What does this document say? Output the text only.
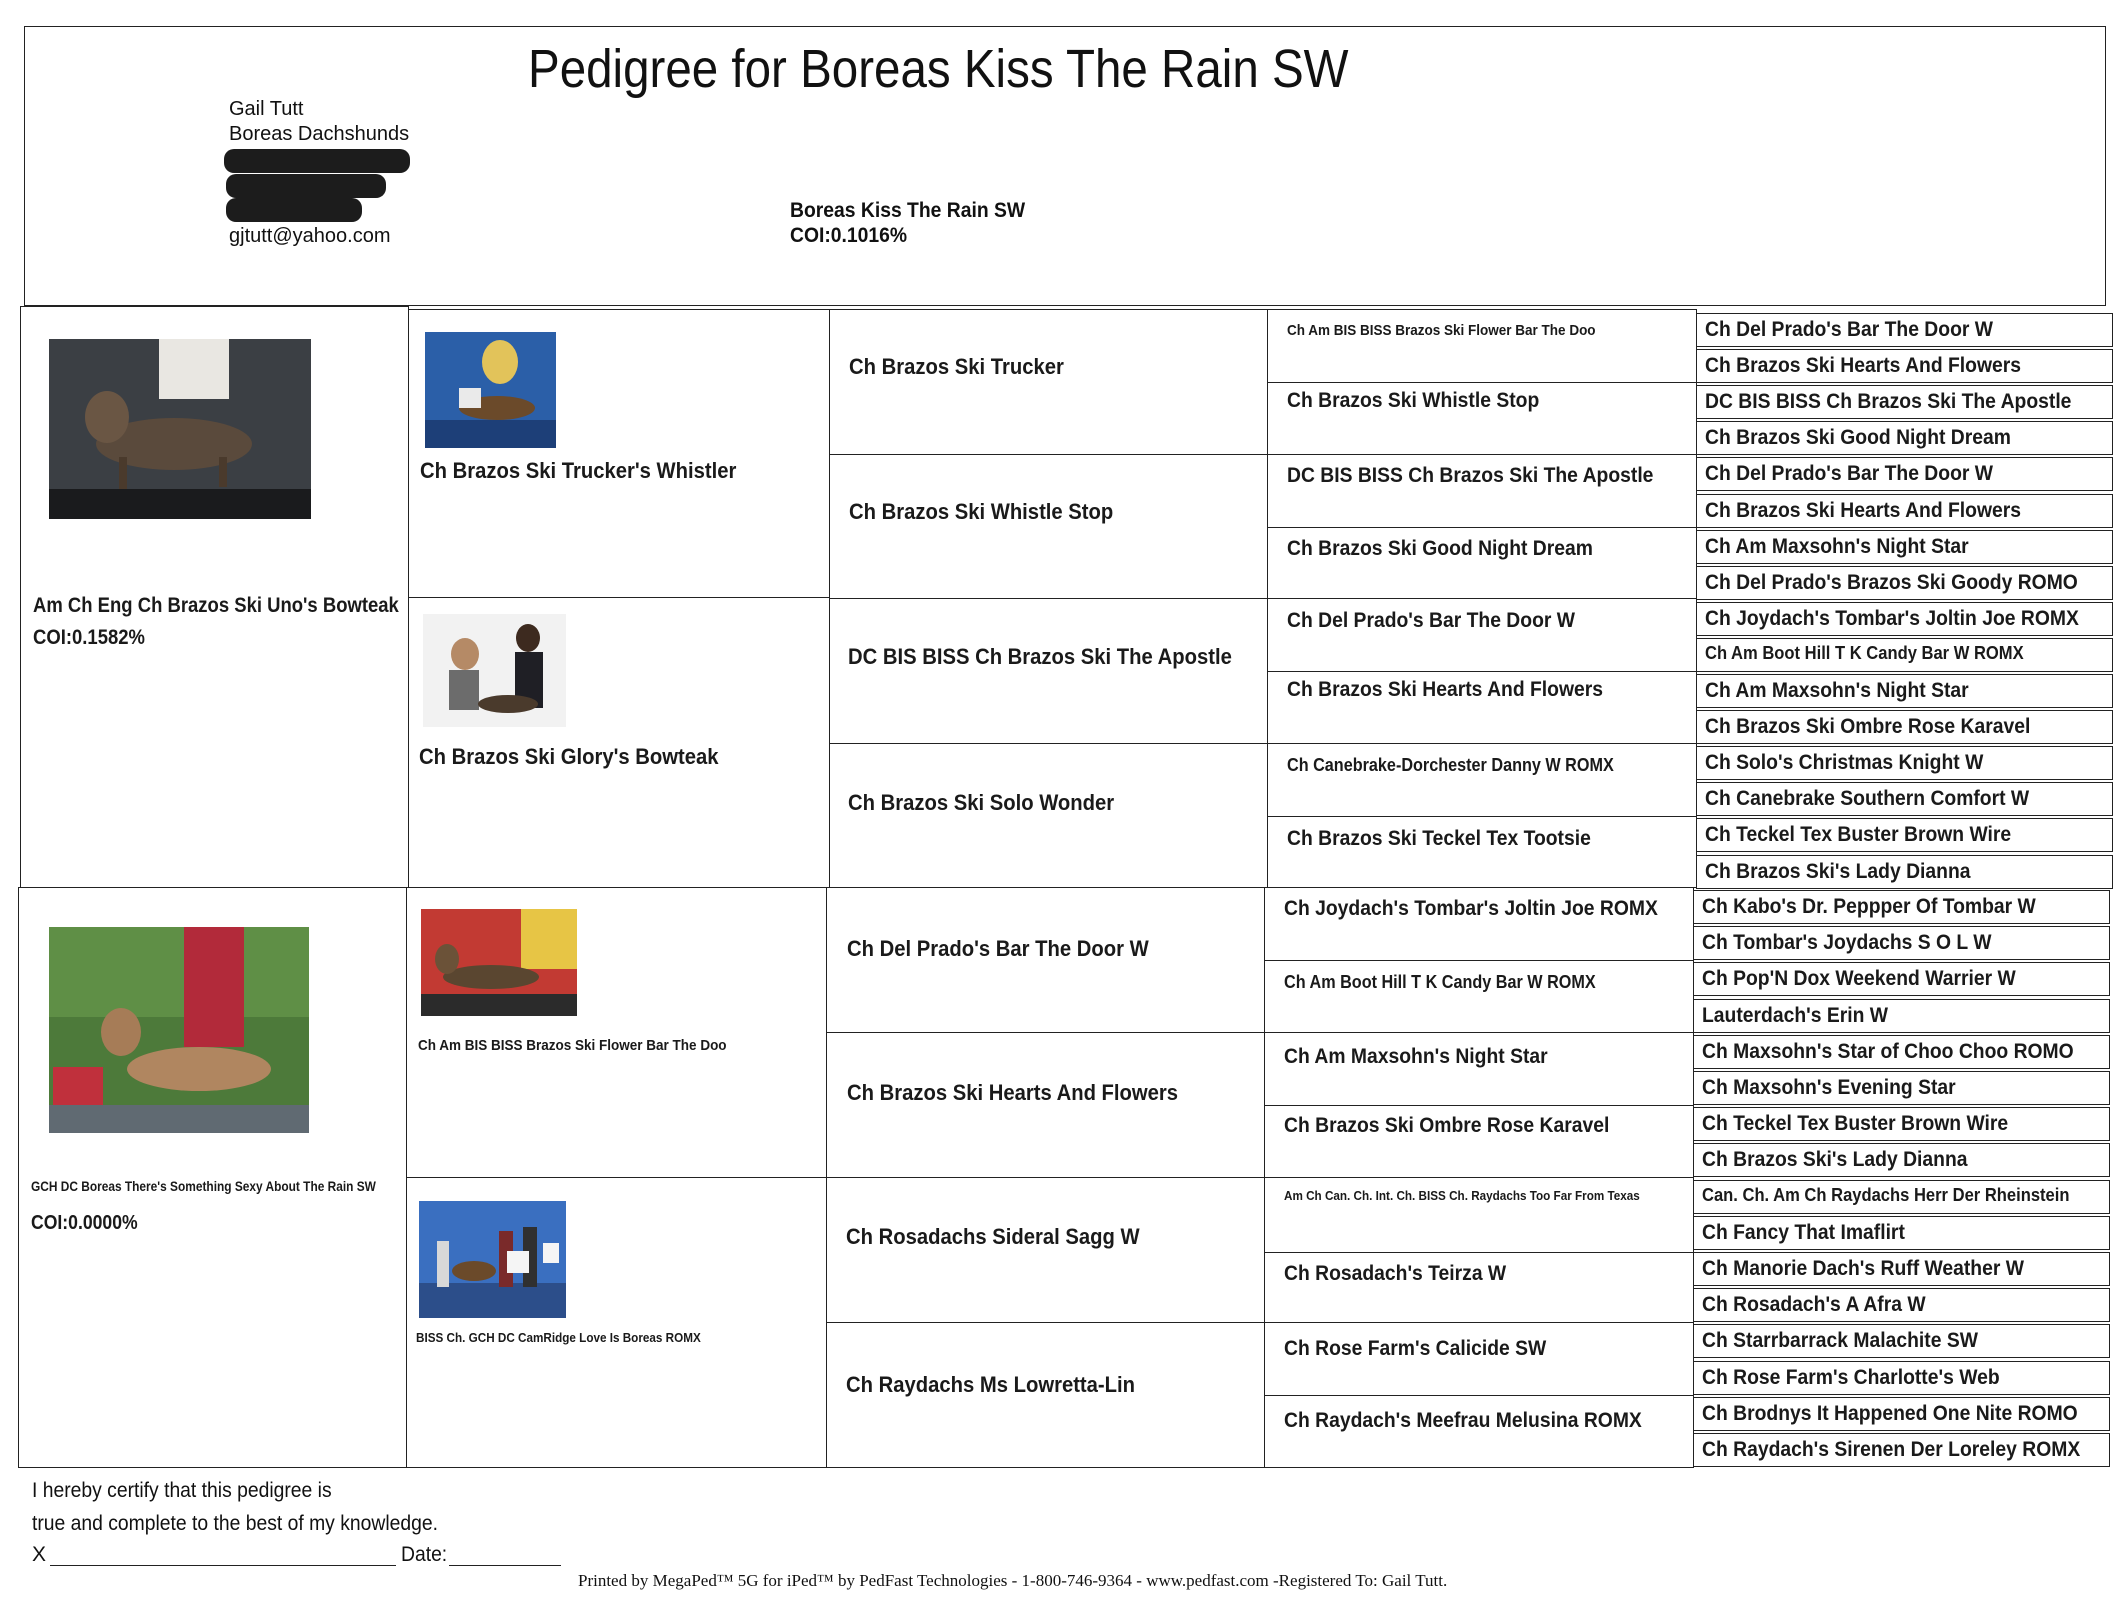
Pedigree for Boreas Kiss The Rain SW
Gail Tutt
Boreas Dachshunds
gjtutt@yahoo.com
Boreas Kiss The Rain SW
COI:0.1016%
Am Ch Eng Ch Brazos Ski Uno's Bowteak
COI:0.1582%
GCH DC Boreas There's Something Sexy About The Rain SW
COI:0.0000%
Ch Brazos Ski Trucker's Whistler
Ch Brazos Ski Glory's Bowteak
Ch Am BIS BISS Brazos Ski Flower Bar The Doo
BISS Ch. GCH DC CamRidge Love Is Boreas ROMX
Ch Brazos Ski Trucker
Ch Brazos Ski Whistle Stop
DC BIS BISS Ch Brazos Ski The Apostle
Ch Brazos Ski Solo Wonder
Ch Del Prado's Bar The Door W
Ch Brazos Ski Hearts And Flowers
Ch Rosadachs Sideral Sagg W
Ch Raydachs Ms Lowretta-Lin
Ch Am BIS BISS Brazos Ski Flower Bar The Doo
Ch Brazos Ski Whistle Stop
DC BIS BISS Ch Brazos Ski The Apostle
Ch Brazos Ski Good Night Dream
Ch Del Prado's Bar The Door W
Ch Brazos Ski Hearts And Flowers
Ch Canebrake-Dorchester Danny W ROMX
Ch Brazos Ski Teckel Tex Tootsie
Ch Joydach's Tombar's Joltin Joe ROMX
Ch Am Boot Hill T K Candy Bar W ROMX
Ch Am Maxsohn's Night Star
Ch Brazos Ski Ombre Rose Karavel
Am Ch Can. Ch. Int. Ch. BISS Ch. Raydachs Too Far From Texas
Ch Rosadach's Teirza W
Ch Rose Farm's Calicide SW
Ch Raydach's Meefrau Melusina ROMX
Ch Del Prado's Bar The Door W
Ch Brazos Ski Hearts And Flowers
DC BIS BISS Ch Brazos Ski The Apostle
Ch Brazos Ski Good Night Dream
Ch Del Prado's Bar The Door W
Ch Brazos Ski Hearts And Flowers
Ch Am Maxsohn's Night Star
Ch Del Prado's Brazos Ski Goody ROMO
Ch Joydach's Tombar's Joltin Joe ROMX
Ch Am Boot Hill T K Candy Bar W ROMX
Ch Am Maxsohn's Night Star
Ch Brazos Ski Ombre Rose Karavel
Ch Solo's Christmas Knight W
Ch Canebrake Southern Comfort W
Ch Teckel Tex Buster Brown Wire
Ch Brazos Ski's Lady Dianna
Ch Kabo's Dr. Peppper Of Tombar W
Ch Tombar's Joydachs S O L W
Ch Pop'N Dox Weekend Warrier W
Lauterdach's Erin W
Ch Maxsohn's Star of Choo Choo ROMO
Ch Maxsohn's Evening Star
Ch Teckel Tex Buster Brown Wire
Ch Brazos Ski's Lady Dianna
Can. Ch. Am Ch Raydachs Herr Der Rheinstein
Ch Fancy That Imaflirt
Ch Manorie Dach's Ruff Weather W
Ch Rosadach's A Afra W
Ch Starrbarrack Malachite SW
Ch Rose Farm's Charlotte's Web
Ch Brodnys It Happened One Nite ROMO
Ch Raydach's Sirenen Der Loreley ROMX
I hereby certify that this pedigree is
true and complete to the best of my knowledge.
X	Date:
Printed by MegaPed™ 5G for iPed™ by PedFast Technologies - 1-800-746-9364 - www.pedfast.com -Registered To: Gail Tutt.
